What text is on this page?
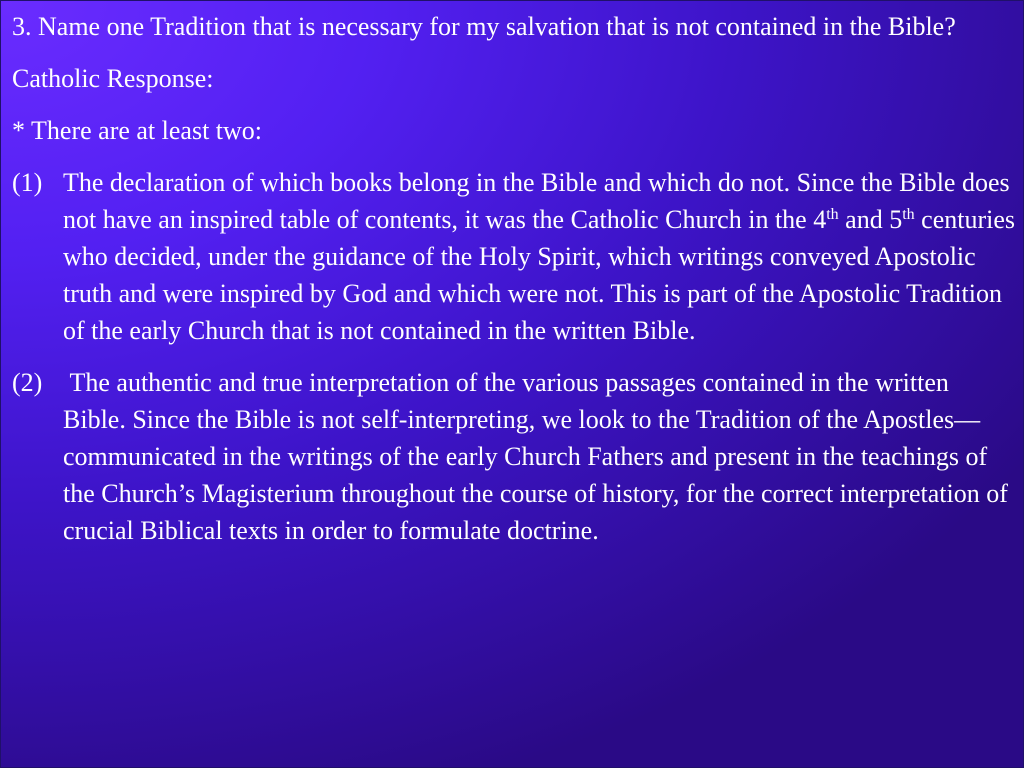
3. Name one Tradition that is necessary for my salvation that is not contained in the Bible?

Catholic Response:

* There are at least two:

(1) The declaration of which books belong in the Bible and which do not. Since the Bible does not have an inspired table of contents, it was the Catholic Church in the 4th and 5th centuries who decided, under the guidance of the Holy Spirit, which writings conveyed Apostolic truth and were inspired by God and which were not. This is part of the Apostolic Tradition of the early Church that is not contained in the written Bible.
(2) The authentic and true interpretation of the various passages contained in the written Bible. Since the Bible is not self-interpreting, we look to the Tradition of the Apostles—communicated in the writings of the early Church Fathers and present in the teachings of the Church’s Magisterium throughout the course of history, for the correct interpretation of crucial Biblical texts in order to formulate doctrine.
